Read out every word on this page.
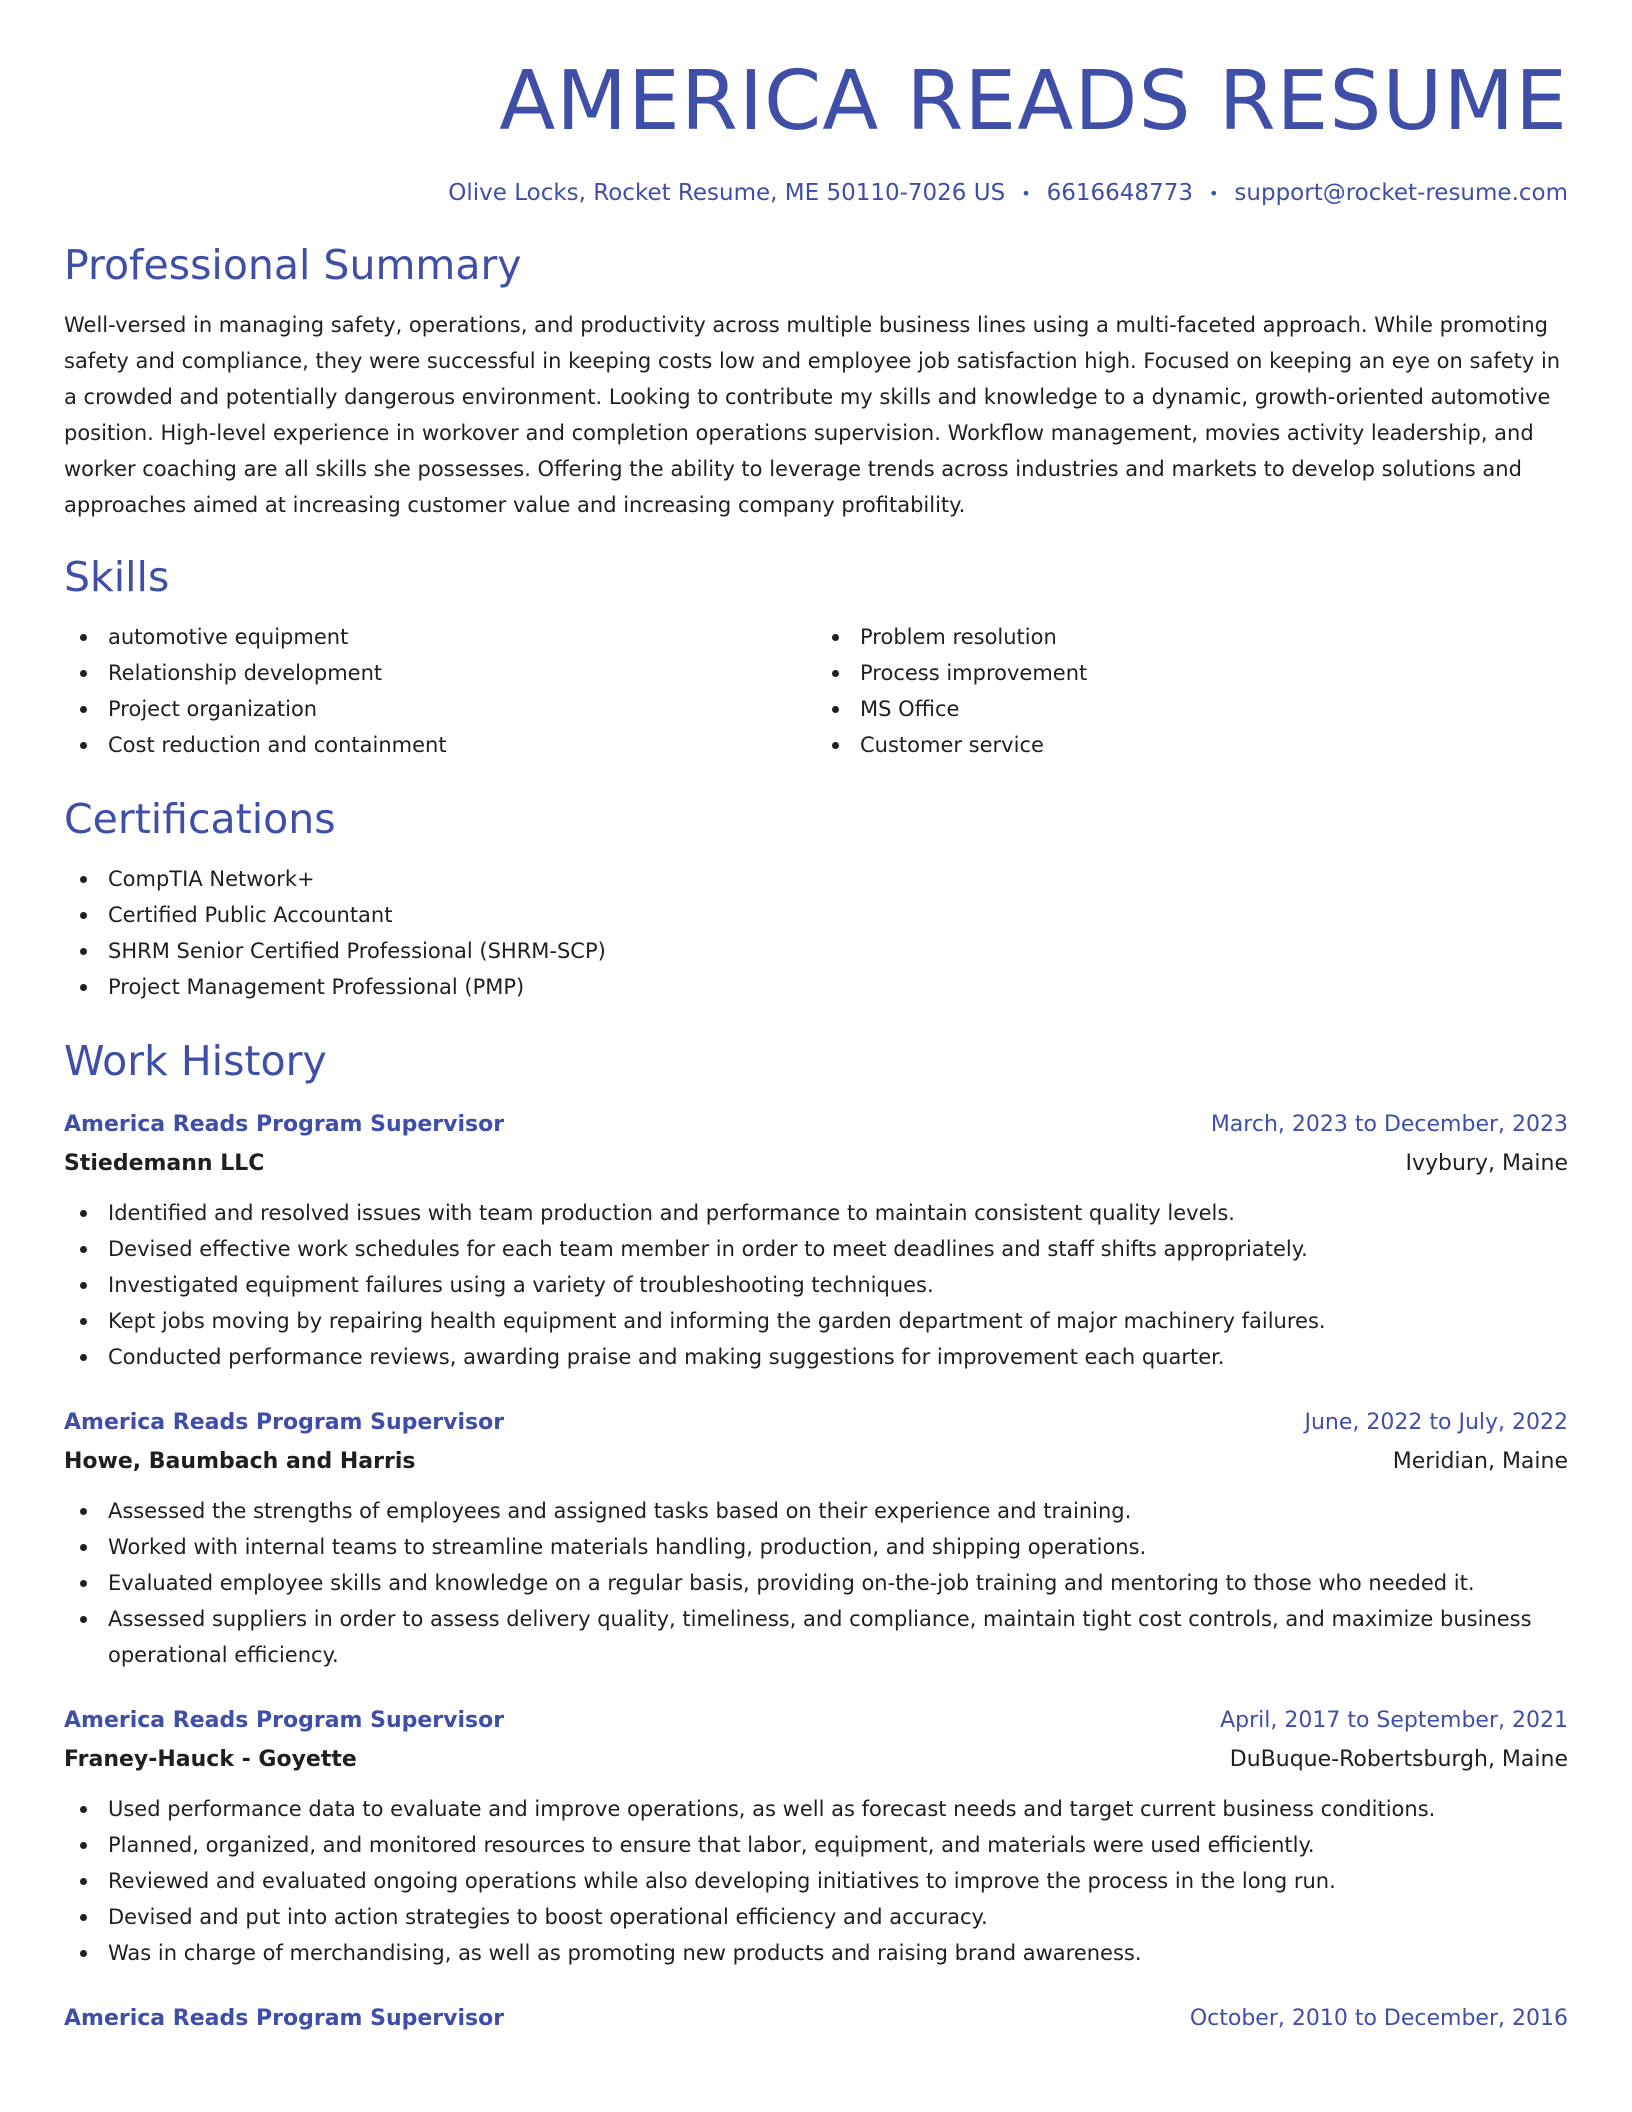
AMERICA READS RESUME
Olive Locks, Rocket Resume, ME 50110-7026 US • 6616648773 • support@rocket-resume.com
Professional Summary
Well-versed in managing safety, operations, and productivity across multiple business lines using a multi-faceted approach. While promoting safety and compliance, they were successful in keeping costs low and employee job satisfaction high. Focused on keeping an eye on safety in a crowded and potentially dangerous environment. Looking to contribute my skills and knowledge to a dynamic, growth-oriented automotive position. High-level experience in workover and completion operations supervision. Workflow management, movies activity leadership, and worker coaching are all skills she possesses. Offering the ability to leverage trends across industries and markets to develop solutions and approaches aimed at increasing customer value and increasing company profitability.
Skills
automotive equipment
Relationship development
Project organization
Cost reduction and containment
Problem resolution
Process improvement
MS Office
Customer service
Certifications
CompTIA Network+
Certified Public Accountant
SHRM Senior Certified Professional (SHRM-SCP)
Project Management Professional (PMP)
Work History
America Reads Program Supervisor	March, 2023 to December, 2023
Stiedemann LLC	Ivybury, Maine
Identified and resolved issues with team production and performance to maintain consistent quality levels.
Devised effective work schedules for each team member in order to meet deadlines and staff shifts appropriately.
Investigated equipment failures using a variety of troubleshooting techniques.
Kept jobs moving by repairing health equipment and informing the garden department of major machinery failures.
Conducted performance reviews, awarding praise and making suggestions for improvement each quarter.
America Reads Program Supervisor	June, 2022 to July, 2022
Howe, Baumbach and Harris	Meridian, Maine
Assessed the strengths of employees and assigned tasks based on their experience and training.
Worked with internal teams to streamline materials handling, production, and shipping operations.
Evaluated employee skills and knowledge on a regular basis, providing on-the-job training and mentoring to those who needed it.
Assessed suppliers in order to assess delivery quality, timeliness, and compliance, maintain tight cost controls, and maximize business operational efficiency.
America Reads Program Supervisor	April, 2017 to September, 2021
Franey-Hauck - Goyette	DuBuque-Robertsburgh, Maine
Used performance data to evaluate and improve operations, as well as forecast needs and target current business conditions.
Planned, organized, and monitored resources to ensure that labor, equipment, and materials were used efficiently.
Reviewed and evaluated ongoing operations while also developing initiatives to improve the process in the long run.
Devised and put into action strategies to boost operational efficiency and accuracy.
Was in charge of merchandising, as well as promoting new products and raising brand awareness.
America Reads Program Supervisor	October, 2010 to December, 2016
